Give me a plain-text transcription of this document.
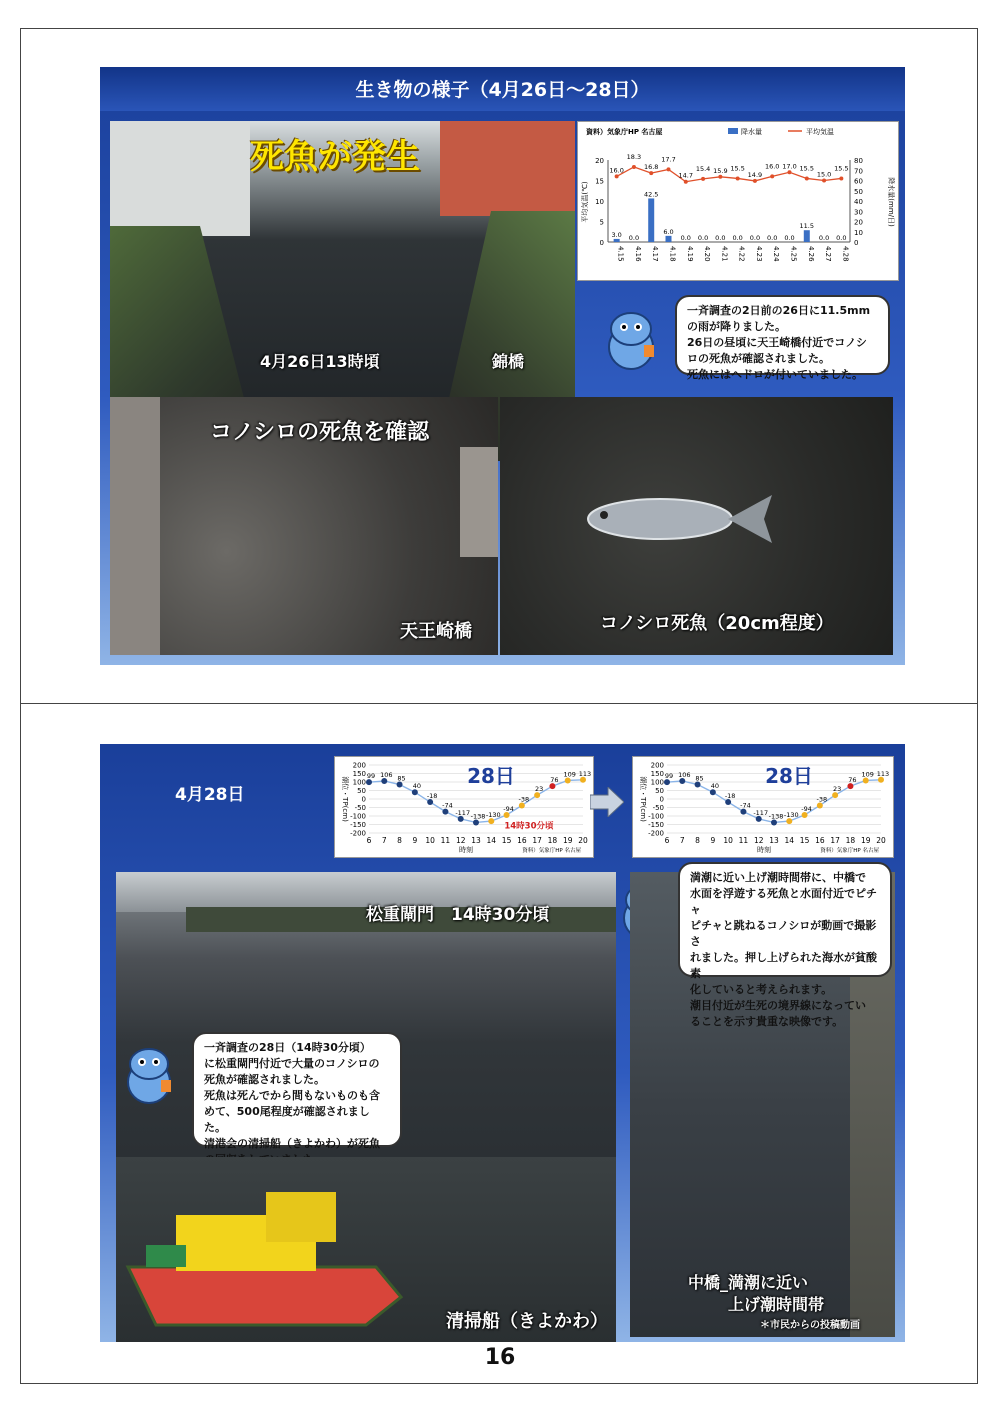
生き物の様子（4月26日～28日）
死魚が発生
4月26日13時頃	錦橋
資料）気象庁HP 名古屋	降水量	平均気温
0
5
10
15
20
0
10
20
30
40
50
60
70
80
平均気温(℃)	降水量(mm/日)
3.0
4.15
0.0
4.16
42.5
4.17
6.0
4.18
0.0
4.19
0.0
4.20
0.0
4.21
0.0
4.22
0.0
4.23
0.0
4.24
0.0
4.25
11.5
4.26
0.0
4.27
0.0
4.28
16.0
18.3
16.8
17.7
14.7
15.4 15.9 15.5
14.9
16.0 17.0 15.5
15.0
15.5
一斉調査の2日前の26日に11.5mm
の雨が降りました。
26日の昼頃に天王崎橋付近でコノシ
ロの死魚が確認されました。
死魚にはヘドロが付いていました。
コノシロの死魚を確認
天王崎橋	コノシロ死魚（20cm程度）
4月28日
-200
-150
-100
-50
0
50
100
150
200
潮位・TP(cm)
6 7 8 9 10 11 12 13 14 15 16 17 18 19 20
時刻	資料）気象庁HP 名古屋
28日
99 106 85
40
-18
-74
-117 -138 -130
-94
-38
23
76
109 113
14時30分頃
-200
-150
-100
-50
0
50
100
150
200
潮位・TP(cm)
6 7 8 9 10 11 12 13 14 15 16 17 18 19 20
時刻	資料）気象庁HP 名古屋
28日
99 106 85
40
-18
-74
-117 -138 -130
-94
-38
23
76
109 113
松重閘門　14時30分頃
一斉調査の28日（14時30分頃）
に松重閘門付近で大量のコノシロの
死魚が確認されました。
死魚は死んでから間もないものも含
めて、500尾程度が確認されました。
清港会の清掃船（きよかわ）が死魚
清掃船（きよかわ）
中橋_満潮に近い
上げ潮時間帯
＊市民からの投稿動画
満潮に近い上げ潮時間帯に、中橋で
水面を浮遊する死魚と水面付近でピチャ
ピチャと跳ねるコノシロが動画で撮影さ
れました。押し上げられた海水が貧酸素
化していると考えられます。
潮目付近が生死の境界線になってい
ることを示す貴重な映像です。
16
